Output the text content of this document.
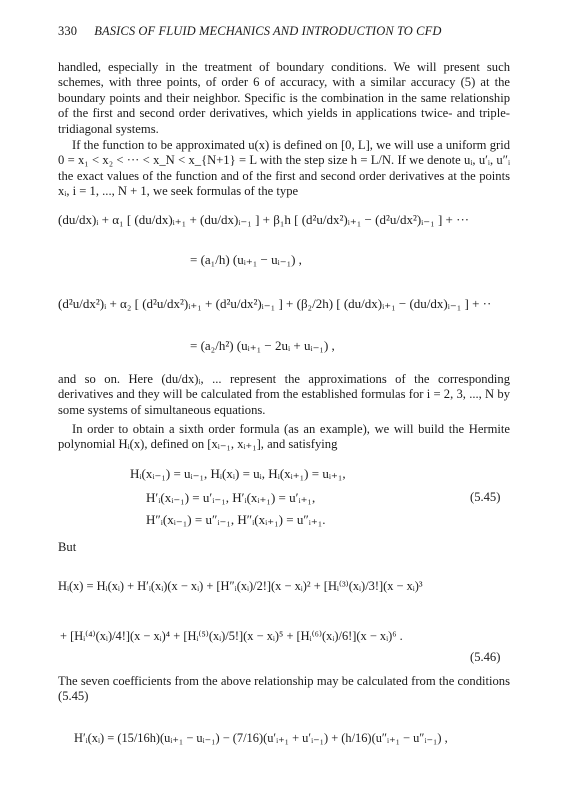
330 BASICS OF FLUID MECHANICS AND INTRODUCTION TO CFD
handled, especially in the treatment of boundary conditions. We will present such schemes, with three points, of order 6 of accuracy, with a similar accuracy (5) at the boundary points and their neighbor. Specific is the combination in the same relationship of the first and second order derivatives, which yields in applications twice- and triple-tridiagonal systems.
If the function to be approximated u(x) is defined on [0, L], we will use a uniform grid 0 = x₁ < x₂ < ··· < x_N < x_{N+1} = L with the step size h = L/N. If we denote uᵢ, u′ᵢ, u″ᵢ the exact values of the function and of the first and second order derivatives at the points xᵢ, i = 1, ..., N + 1, we seek formulas of the type
(du/dx)ᵢ + α₁ [ (du/dx)ᵢ₊₁ + (du/dx)ᵢ₋₁ ] + β₁h [ (d²u/dx²)ᵢ₊₁ − (d²u/dx²)ᵢ₋₁ ] + ···
= (a₁/h) (uᵢ₊₁ − uᵢ₋₁) ,
(d²u/dx²)ᵢ + α₂ [ (d²u/dx²)ᵢ₊₁ + (d²u/dx²)ᵢ₋₁ ] + (β₂/2h) [ (du/dx)ᵢ₊₁ − (du/dx)ᵢ₋₁ ] + ··
= (a₂/h²) (uᵢ₊₁ − 2uᵢ + uᵢ₋₁) ,
and so on. Here (du/dx)ᵢ, ... represent the approximations of the corresponding derivatives and they will be calculated from the established formulas for i = 2, 3, ..., N by some systems of simultaneous equations.
In order to obtain a sixth order formula (as an example), we will build the Hermite polynomial Hᵢ(x), defined on [xᵢ₋₁, xᵢ₊₁], and satisfying
Hᵢ(xᵢ₋₁) = uᵢ₋₁, Hᵢ(xᵢ) = uᵢ, Hᵢ(xᵢ₊₁) = uᵢ₊₁,
H′ᵢ(xᵢ₋₁) = u′ᵢ₋₁, H′ᵢ(xᵢ₊₁) = u′ᵢ₊₁,	(5.45)
H″ᵢ(xᵢ₋₁) = u″ᵢ₋₁, H″ᵢ(xᵢ₊₁) = u″ᵢ₊₁.
But
Hᵢ(x) = Hᵢ(xᵢ) + H′ᵢ(xᵢ)(x − xᵢ) + [H″ᵢ(xᵢ)/2!](x − xᵢ)² + [Hᵢ⁽³⁾(xᵢ)/3!](x − xᵢ)³
+ [Hᵢ⁽⁴⁾(xᵢ)/4!](x − xᵢ)⁴ + [Hᵢ⁽⁵⁾(xᵢ)/5!](x − xᵢ)⁵ + [Hᵢ⁽⁶⁾(xᵢ)/6!](x − xᵢ)⁶ .
(5.46)
The seven coefficients from the above relationship may be calculated from the conditions (5.45)
H′ᵢ(xᵢ) = (15/16h)(uᵢ₊₁ − uᵢ₋₁) − (7/16)(u′ᵢ₊₁ + u′ᵢ₋₁) + (h/16)(u″ᵢ₊₁ − u″ᵢ₋₁) ,
